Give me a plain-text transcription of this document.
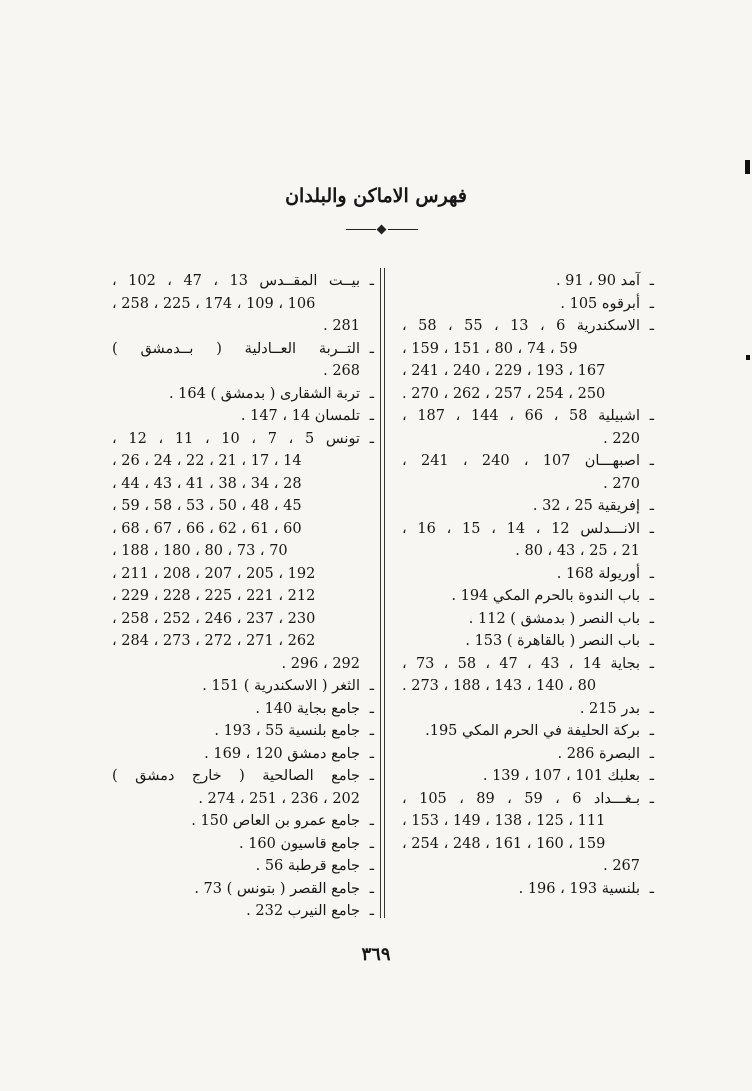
فهرس الاماكن والبلدان
ـ
آمد 90 ، 91 .
ـ
أبرقوه 105 .
ـ
الاسكندرية 6 ، 13 ، 55 ، 58 ،
59 ، 74 ، 80 ، 151 ، 159 ،
167 ، 193 ، 229 ، 240 ، 241 ،
250 ، 254 ، 257 ، 262 ، 270 .
ـ
اشبيلية 58 ، 66 ، 144 ، 187 ،
220 .
ـ
اصبهـــان 107 ، 240 ، 241 ،
270 .
ـ
إفريقية 25 ، 32 .
ـ
الانـــدلس 12 ، 14 ، 15 ، 16 ،
21 ، 25 ، 43 ، 80 .
ـ
أوريولة 168 .
ـ
باب الندوة بالحرم المكي 194 .
ـ
باب النصر ( بدمشق ) 112 .
ـ
باب النصر ( بالقاهرة ) 153 .
ـ
بجاية 14 ، 43 ، 47 ، 58 ، 73 ،
80 ، 140 ، 143 ، 188 ، 273 .
ـ
بدر 215 .
ـ
بركة الحليفة في الحرم المكي 195.
ـ
البصرة 286 .
ـ
بعلبك 101 ، 107 ، 139 .
ـ
بـغـــداد 6 ، 59 ، 89 ، 105 ،
111 ، 125 ، 138 ، 149 ، 153 ،
159 ، 160 ، 161 ، 248 ، 254 ،
267 .
ـ
بلنسية 193 ، 196 .
ـ
بيــت المقــدس 13 ، 47 ، 102 ،
106 ، 109 ، 174 ، 225 ، 258 ،
281 .
ـ
التــربة العــادلية ( بــدمشق )
268 .
ـ
تربة الشقارى ( بدمشق ) 164 .
ـ
تلمسان 14 ، 147 .
ـ
تونس 5 ، 7 ، 10 ، 11 ، 12 ،
14 ، 17 ، 21 ، 22 ، 24 ، 26 ،
28 ، 34 ، 38 ، 41 ، 43 ، 44 ،
45 ، 48 ، 50 ، 53 ، 58 ، 59 ،
60 ، 61 ، 62 ، 66 ، 67 ، 68 ،
70 ، 73 ، 80 ، 180 ، 188 ،
192 ، 205 ، 207 ، 208 ، 211 ،
212 ، 221 ، 225 ، 228 ، 229 ،
230 ، 237 ، 246 ، 252 ، 258 ،
262 ، 271 ، 272 ، 273 ، 284 ،
292 ، 296 .
ـ
الثغر ( الاسكندرية ) 151 .
ـ
جامع بجاية 140 .
ـ
جامع بلنسية 55 ، 193 .
ـ
جامع دمشق 120 ، 169 .
ـ
جامع الصالحية ( خارج دمشق )
202 ، 236 ، 251 ، 274 .
ـ
جامع عمرو بن العاص 150 .
ـ
جامع قاسيون 160 .
ـ
جامع قرطبة 56 .
ـ
جامع القصر ( بتونس ) 73 .
ـ
جامع النيرب 232 .
٣٦٩
